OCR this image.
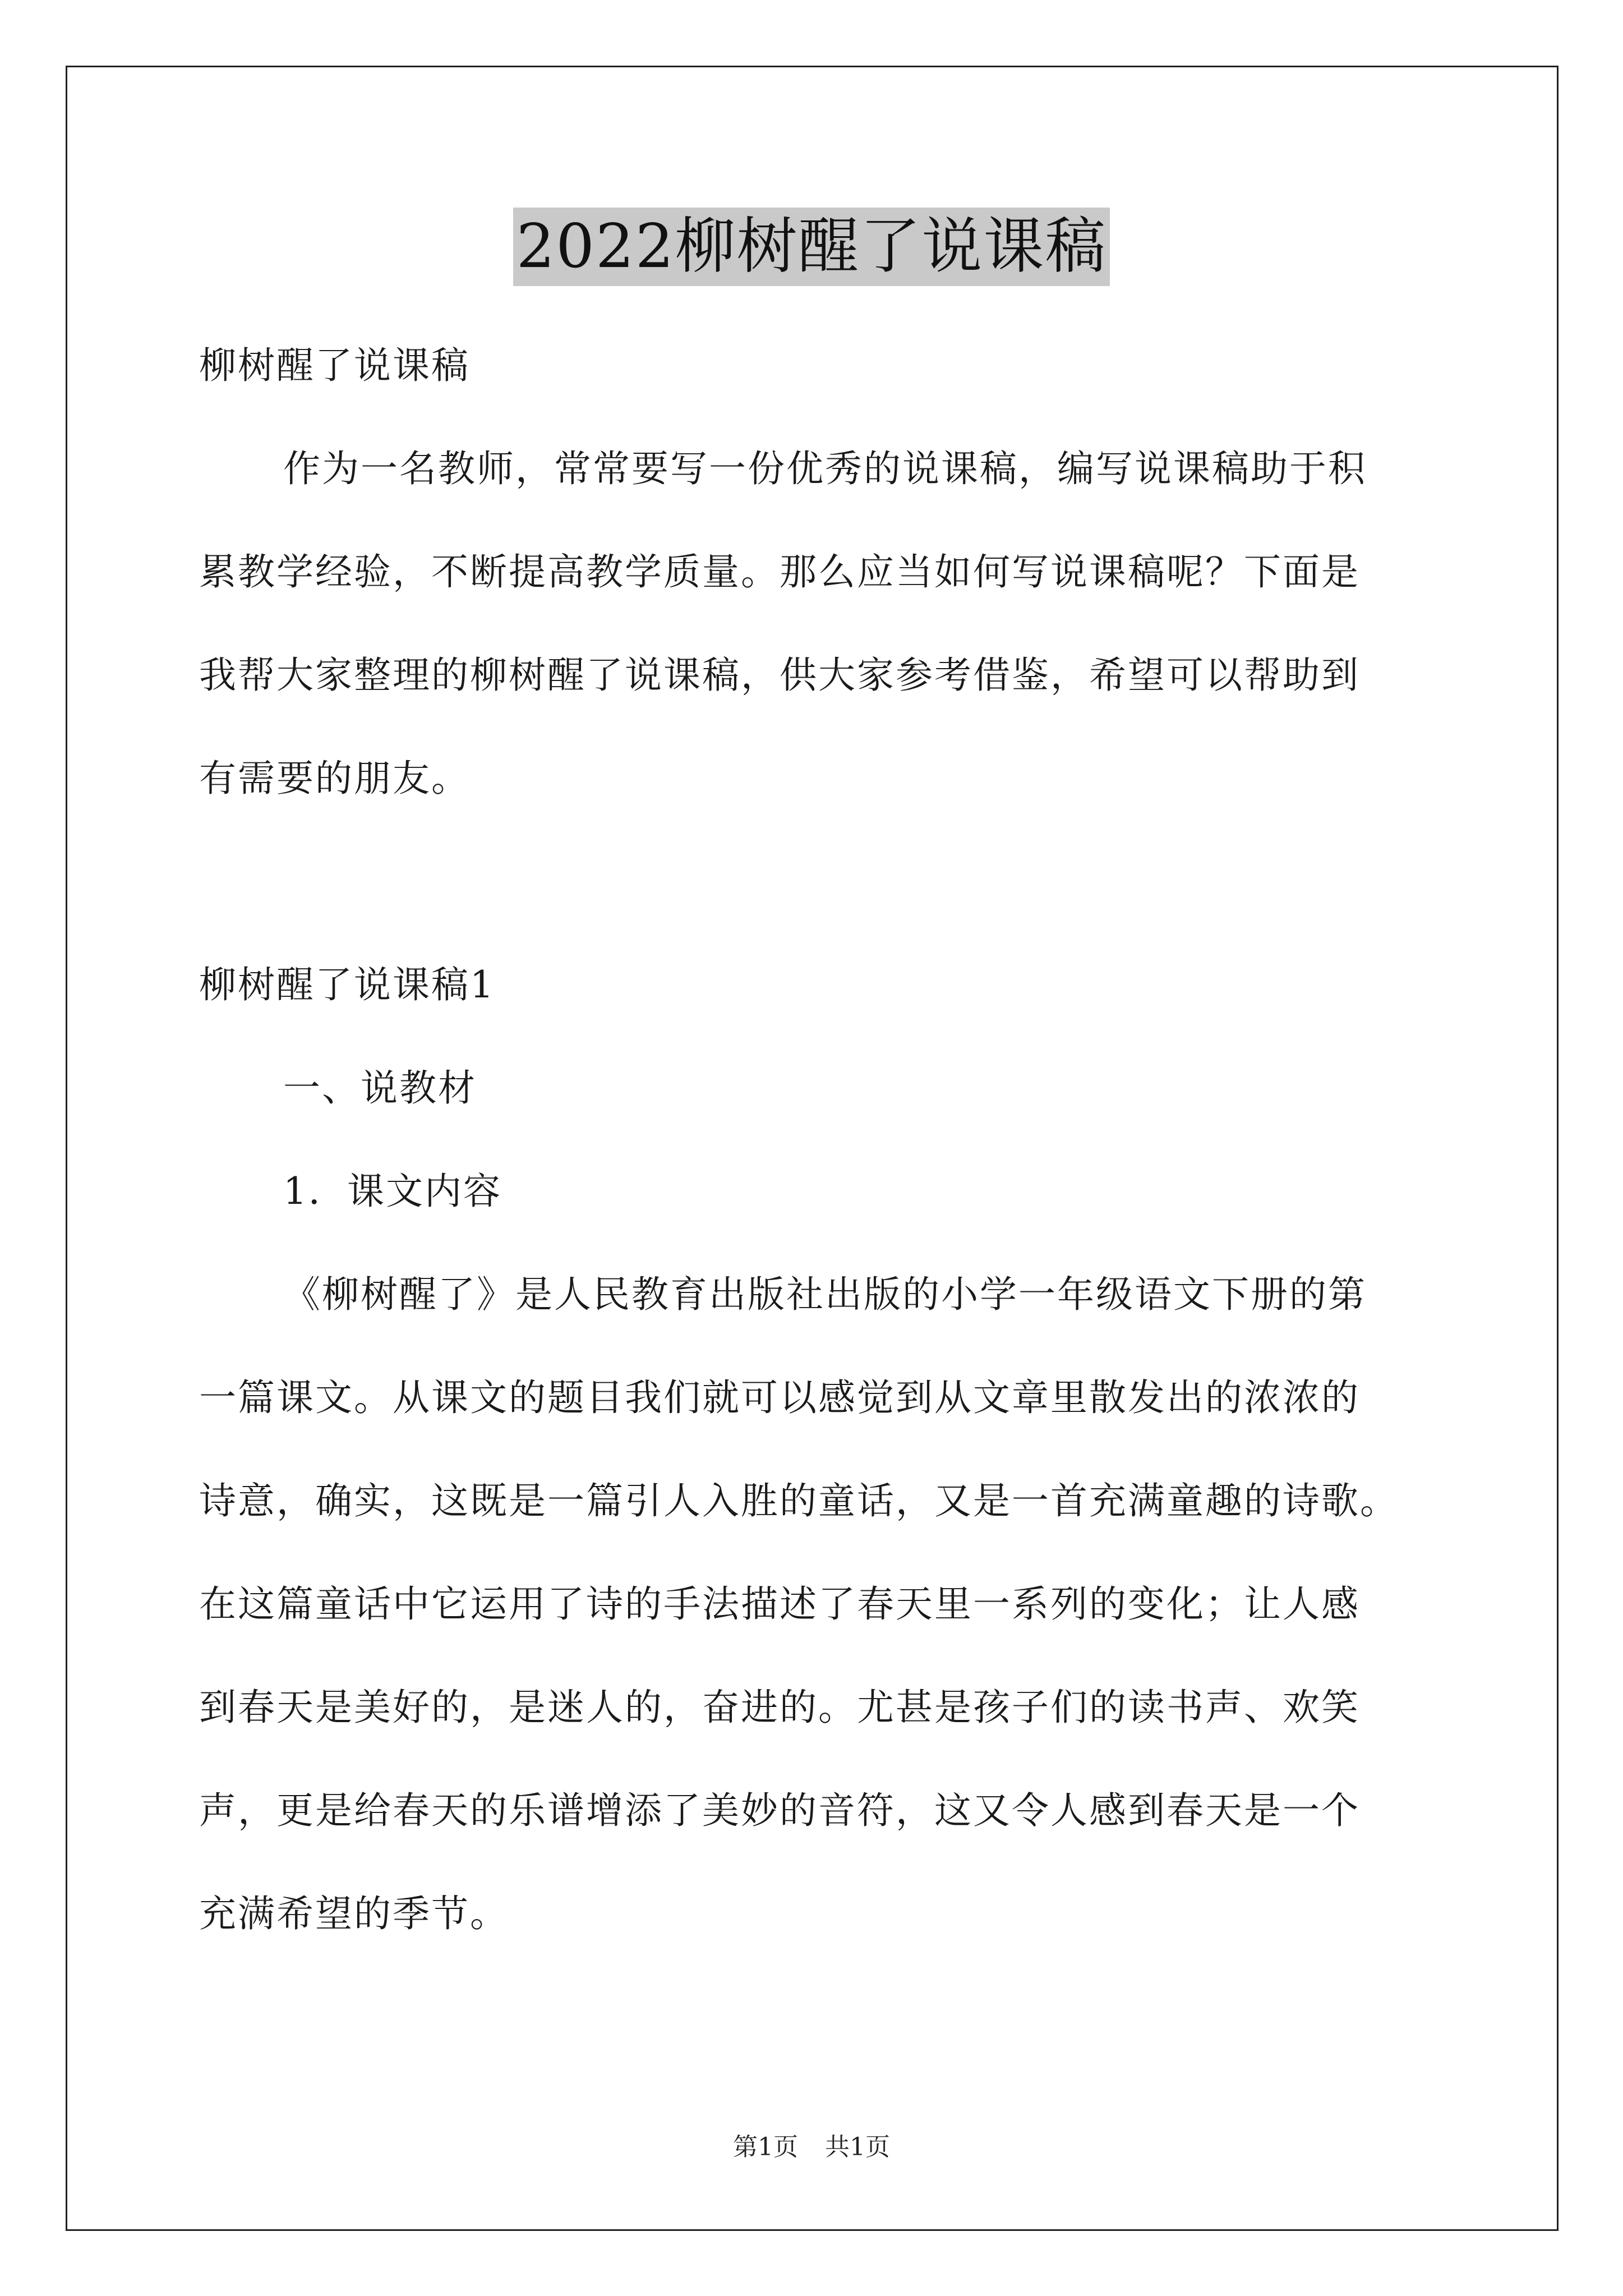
2022柳树醒了说课稿
柳树醒了说课稿
作为一名教师，常常要写一份优秀的说课稿，编写说课稿助于积
累教学经验，不断提高教学质量。那么应当如何写说课稿呢？下面是
我帮大家整理的柳树醒了说课稿，供大家参考借鉴，希望可以帮助到
有需要的朋友。
柳树醒了说课稿1
一、说教材
1．课文内容
《柳树醒了》是人民教育出版社出版的小学一年级语文下册的第
一篇课文。从课文的题目我们就可以感觉到从文章里散发出的浓浓的
诗意，确实，这既是一篇引人入胜的童话，又是一首充满童趣的诗歌。
在这篇童话中它运用了诗的手法描述了春天里一系列的变化；让人感
到春天是美好的，是迷人的，奋进的。尤甚是孩子们的读书声、欢笑
声，更是给春天的乐谱增添了美妙的音符，这又令人感到春天是一个
充满希望的季节。
第1页 共1页
